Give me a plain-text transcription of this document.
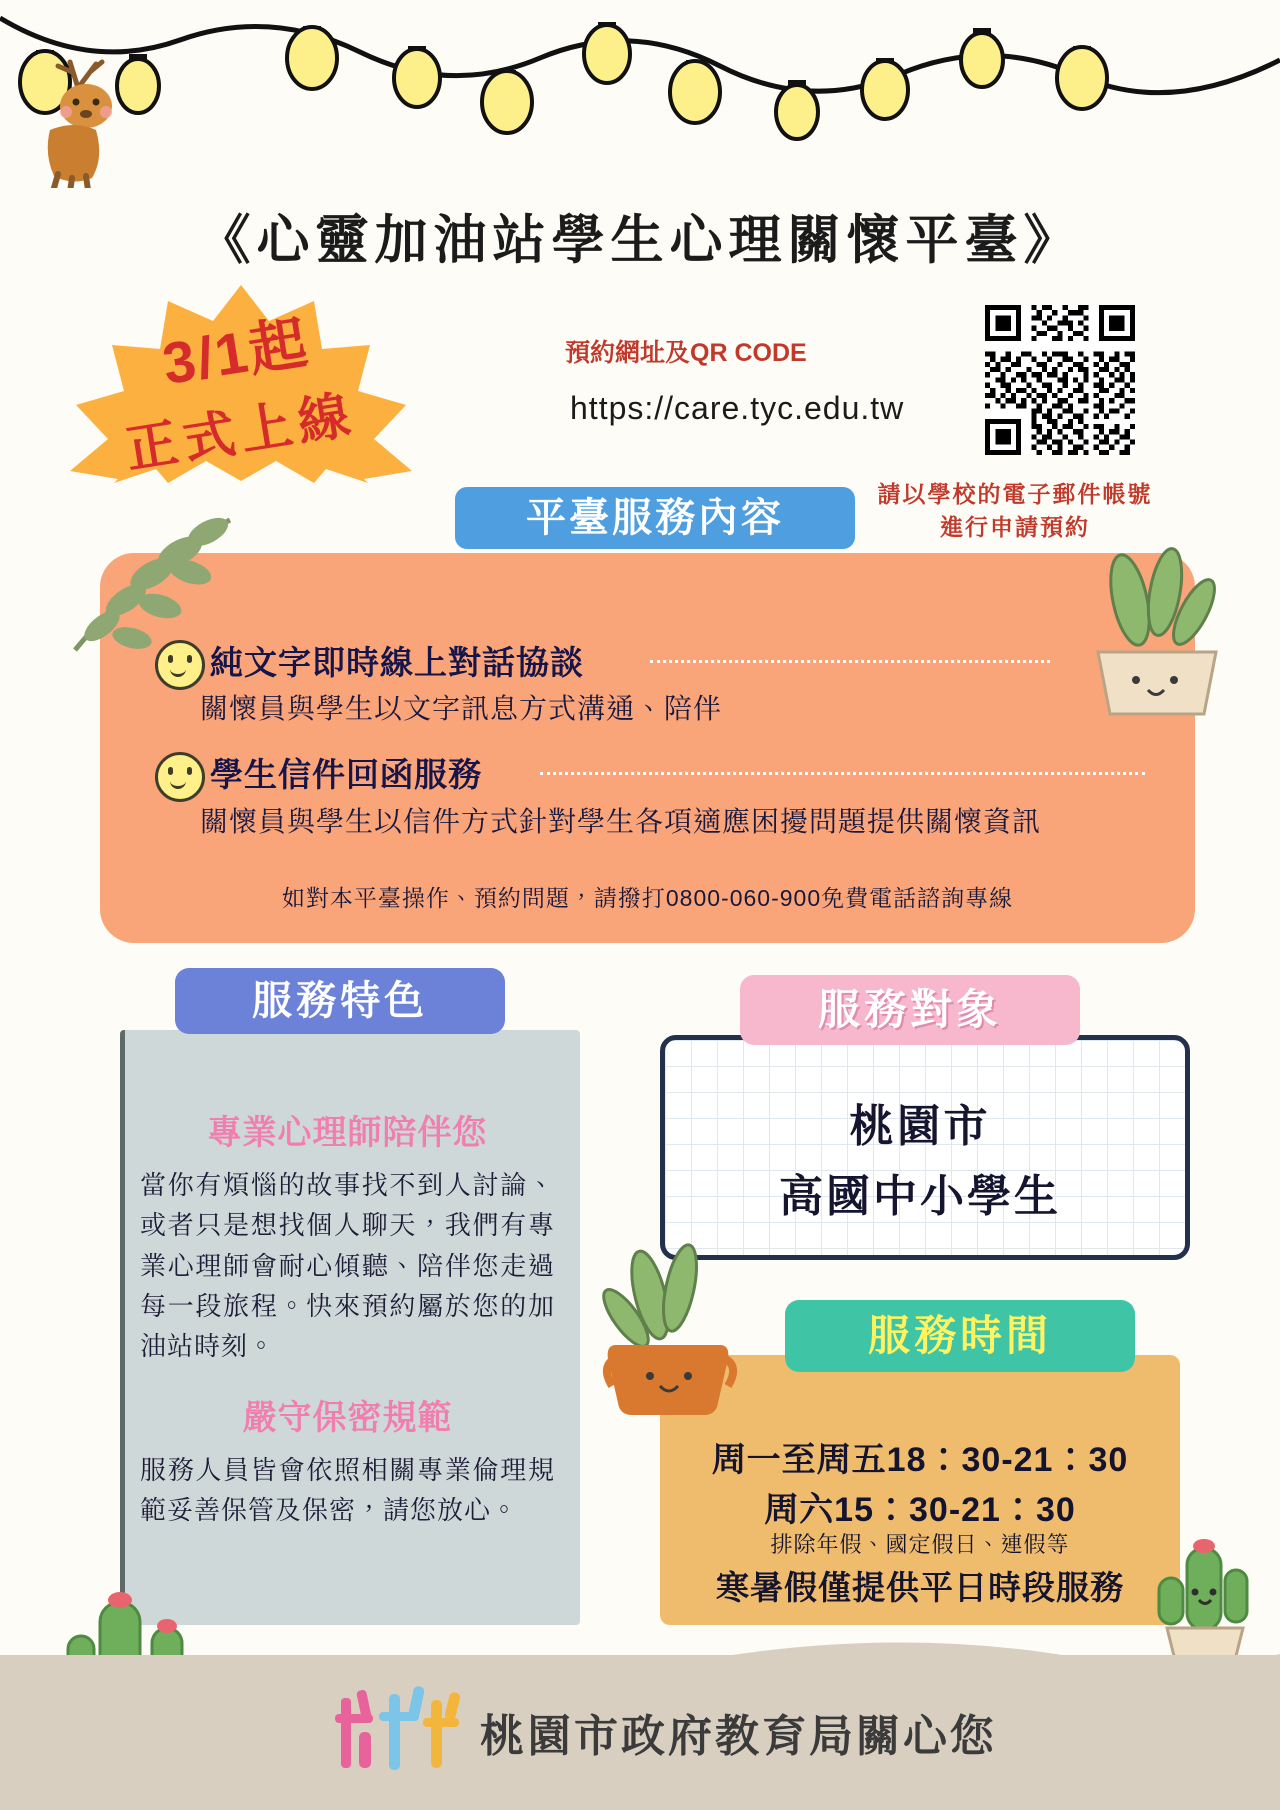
《心靈加油站學生心理關懷平臺》
3/1起
正式上線
預約網址及QR CODE
https://care.tyc.edu.tw
請以學校的電子郵件帳號
進行申請預約
平臺服務內容
純文字即時線上對話協談
關懷員與學生以文字訊息方式溝通、陪伴
學生信件回函服務
關懷員與學生以信件方式針對學生各項適應困擾問題提供關懷資訊
如對本平臺操作、預約問題，請撥打0800-060-900免費電話諮詢專線
服務特色
專業心理師陪伴您
當你有煩惱的故事找不到人討論、或者只是想找個人聊天，我們有專業心理師會耐心傾聽、陪伴您走過每一段旅程。快來預約屬於您的加油站時刻。
嚴守保密規範
服務人員皆會依照相關專業倫理規範妥善保管及保密，請您放心。
服務對象
桃園市
高國中小學生
服務時間
周一至周五18：30-21：30
周六15：30-21：30
排除年假、國定假日、連假等
寒暑假僅提供平日時段服務
桃園市政府教育局關心您
